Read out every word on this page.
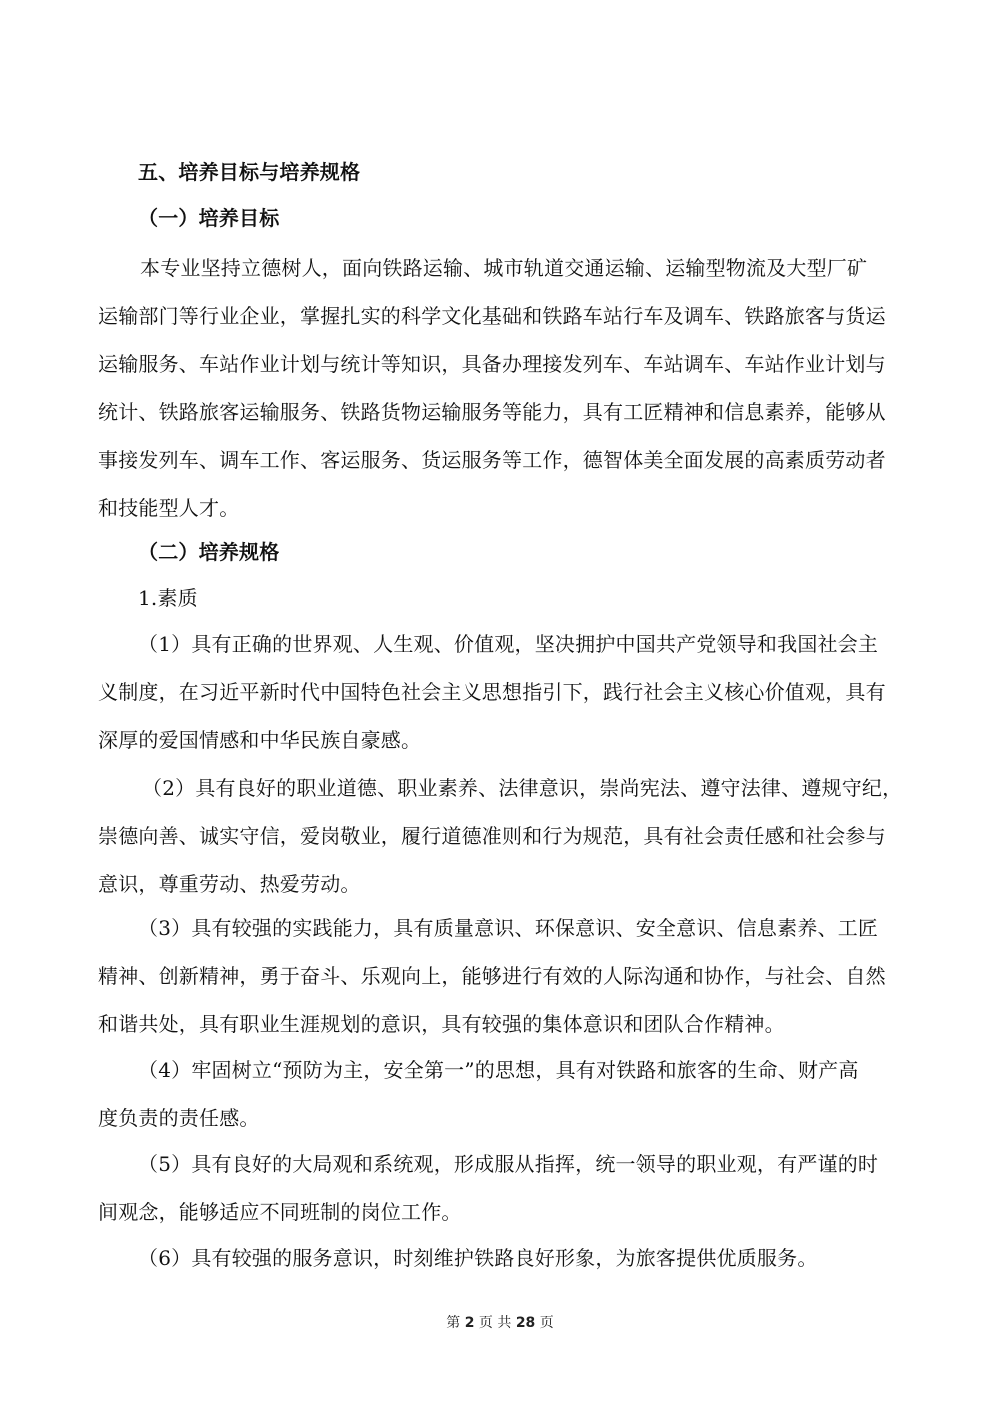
五、培养目标与培养规格
（一）培养目标
本专业坚持立德树人，面向铁路运输、城市轨道交通运输、运输型物流及大型厂矿
运输部门等行业企业，掌握扎实的科学文化基础和铁路车站行车及调车、铁路旅客与货运
运输服务、车站作业计划与统计等知识，具备办理接发列车、车站调车、车站作业计划与
统计、铁路旅客运输服务、铁路货物运输服务等能力，具有工匠精神和信息素养，能够从
事接发列车、调车工作、客运服务、货运服务等工作，德智体美全面发展的高素质劳动者
和技能型人才。
（二）培养规格
1.素质
（1）具有正确的世界观、人生观、价值观，坚决拥护中国共产党领导和我国社会主
义制度，在习近平新时代中国特色社会主义思想指引下，践行社会主义核心价值观，具有
深厚的爱国情感和中华民族自豪感。
（2）具有良好的职业道德、职业素养、法律意识，崇尚宪法、遵守法律、遵规守纪，
崇德向善、诚实守信，爱岗敬业，履行道德准则和行为规范，具有社会责任感和社会参与
意识，尊重劳动、热爱劳动。
（3）具有较强的实践能力，具有质量意识、环保意识、安全意识、信息素养、工匠
精神、创新精神，勇于奋斗、乐观向上，能够进行有效的人际沟通和协作，与社会、自然
和谐共处，具有职业生涯规划的意识，具有较强的集体意识和团队合作精神。
（4）牢固树立“预防为主，安全第一”的思想，具有对铁路和旅客的生命、财产高
度负责的责任感。
（5）具有良好的大局观和系统观，形成服从指挥，统一领导的职业观，有严谨的时
间观念，能够适应不同班制的岗位工作。
（6）具有较强的服务意识，时刻维护铁路良好形象，为旅客提供优质服务。
第 2 页 共 28 页
